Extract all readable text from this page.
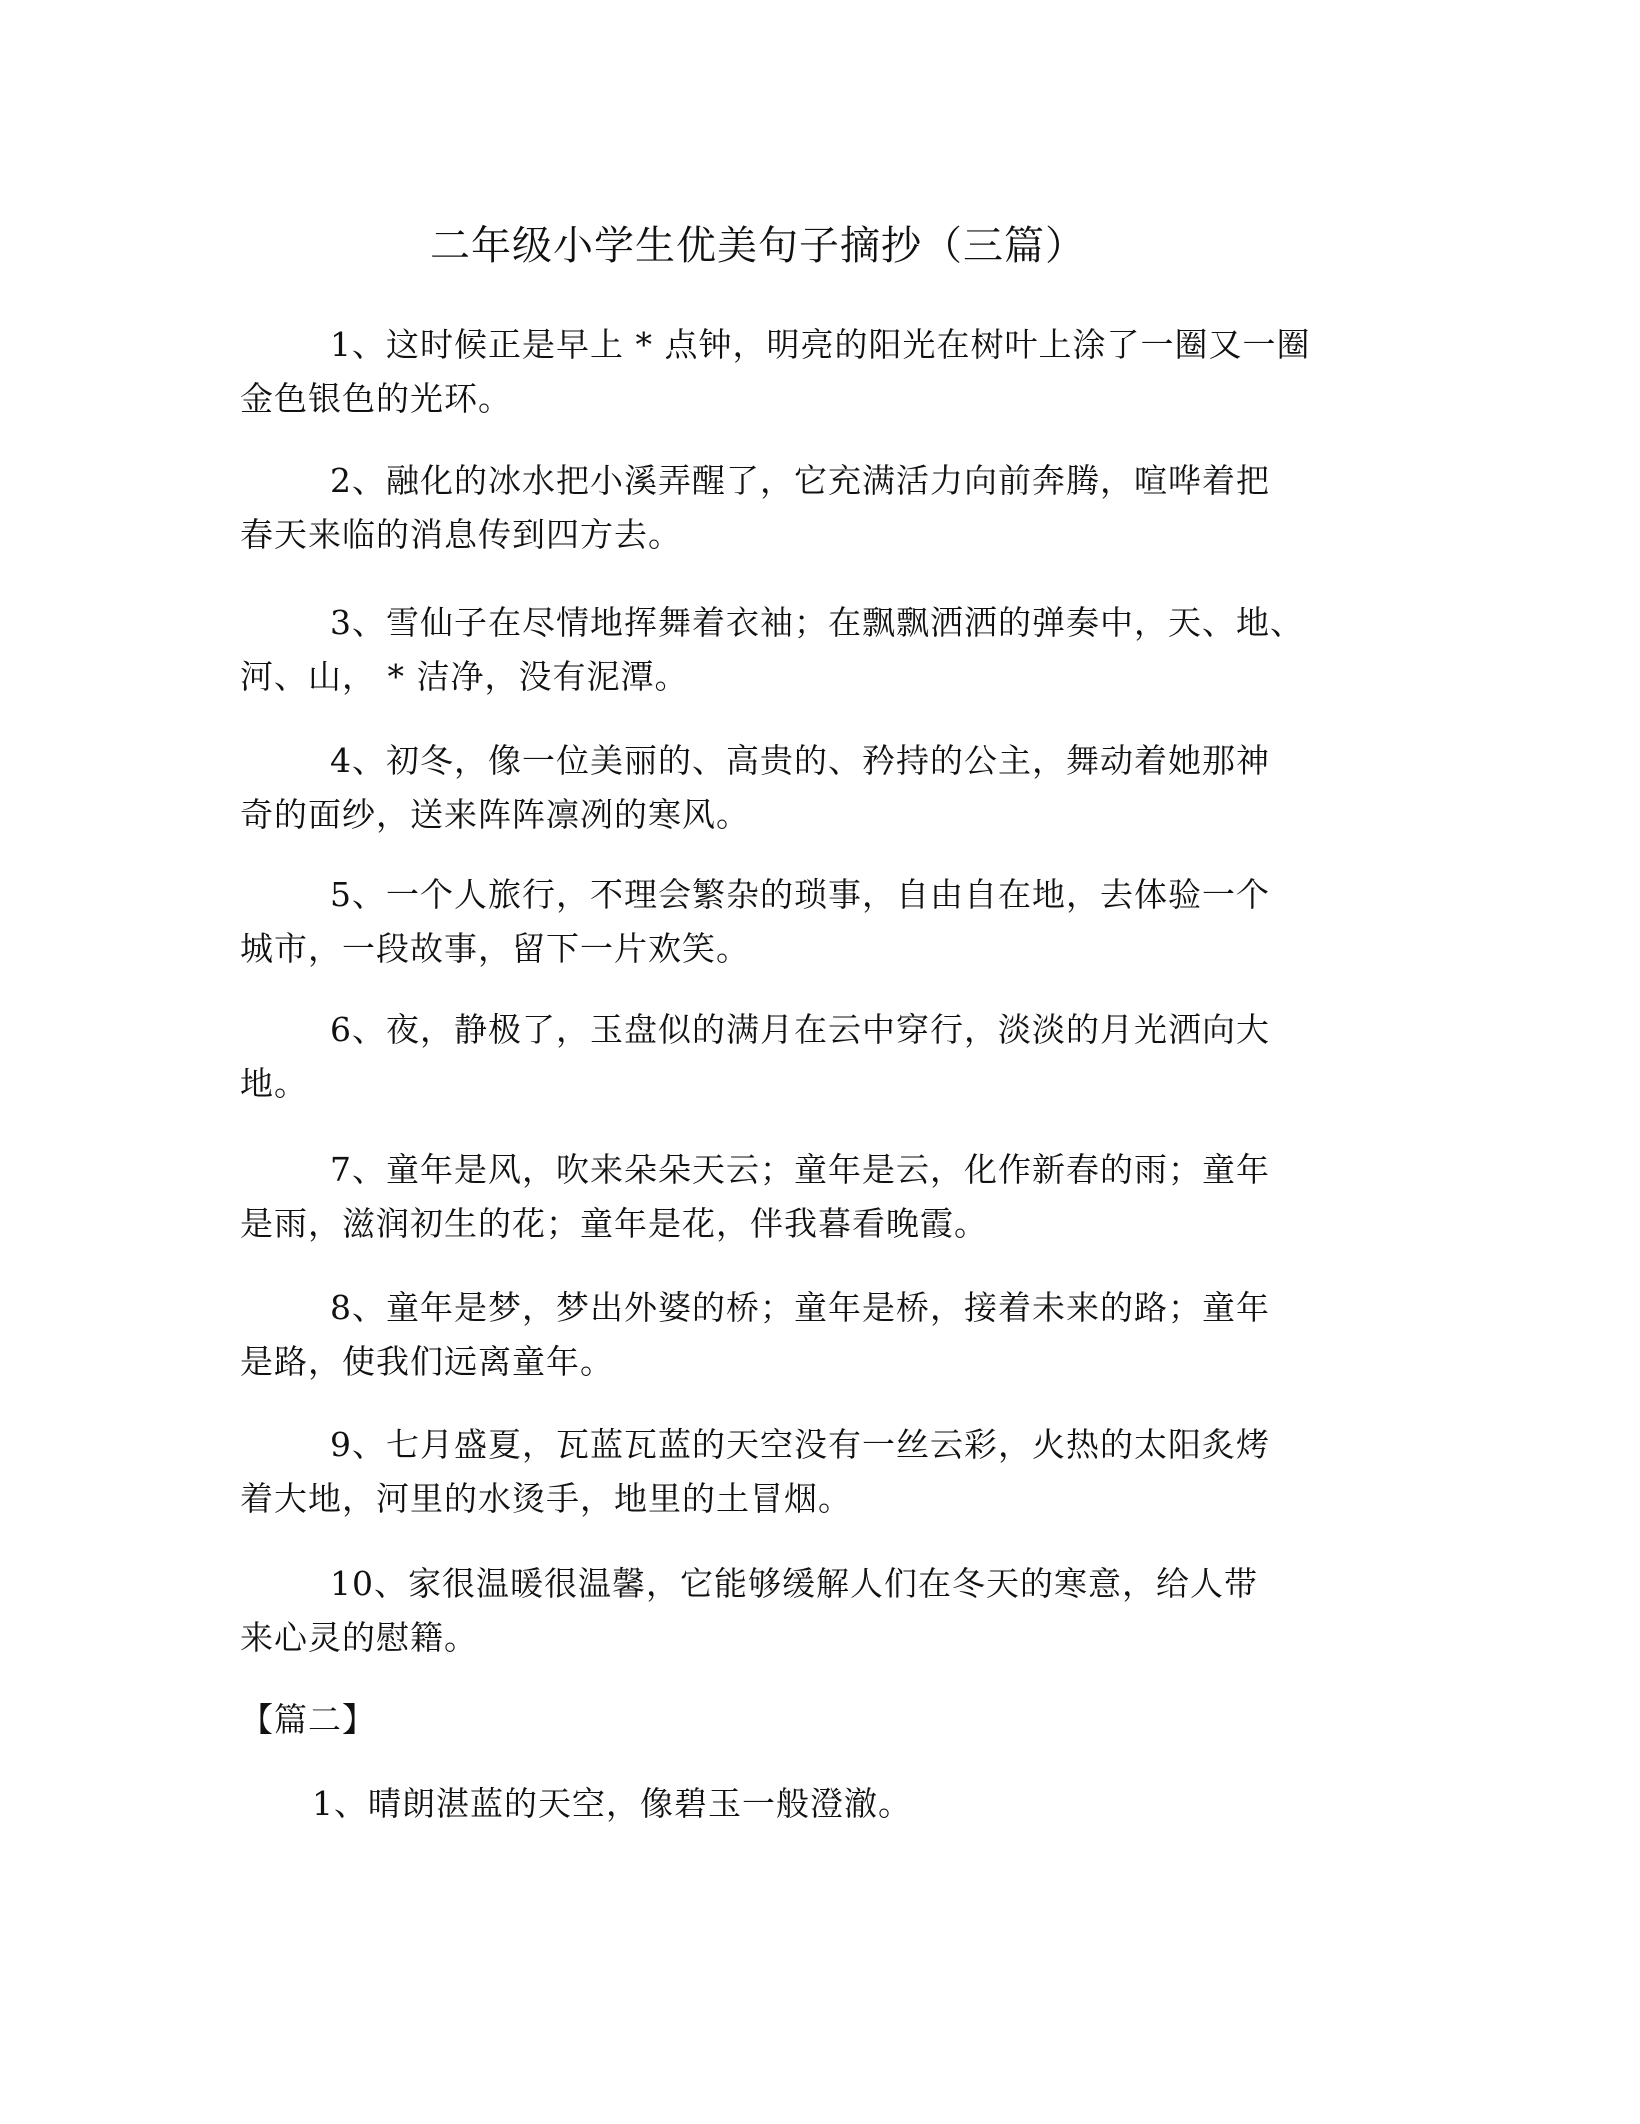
二年级小学生优美句子摘抄（三篇）
1、这时候正是早上 * 点钟，明亮的阳光在树叶上涂了一圈又一圈
金色银色的光环。
2、融化的冰水把小溪弄醒了，它充满活力向前奔腾，喧哗着把
春天来临的消息传到四方去。
3、雪仙子在尽情地挥舞着衣袖；在飘飘洒洒的弹奏中，天、地、
河、山， * 洁净，没有泥潭。
4、初冬，像一位美丽的、高贵的、矜持的公主，舞动着她那神
奇的面纱，送来阵阵凛冽的寒风。
5、一个人旅行，不理会繁杂的琐事，自由自在地，去体验一个
城市，一段故事，留下一片欢笑。
6、夜，静极了，玉盘似的满月在云中穿行，淡淡的月光洒向大
地。
7、童年是风，吹来朵朵天云；童年是云，化作新春的雨；童年
是雨，滋润初生的花；童年是花，伴我暮看晚霞。
8、童年是梦，梦出外婆的桥；童年是桥，接着未来的路；童年
是路，使我们远离童年。
9、七月盛夏，瓦蓝瓦蓝的天空没有一丝云彩，火热的太阳炙烤
着大地，河里的水烫手，地里的土冒烟。
10、家很温暖很温馨，它能够缓解人们在冬天的寒意，给人带
来心灵的慰籍。
【篇二】
1、晴朗湛蓝的天空，像碧玉一般澄澈。
